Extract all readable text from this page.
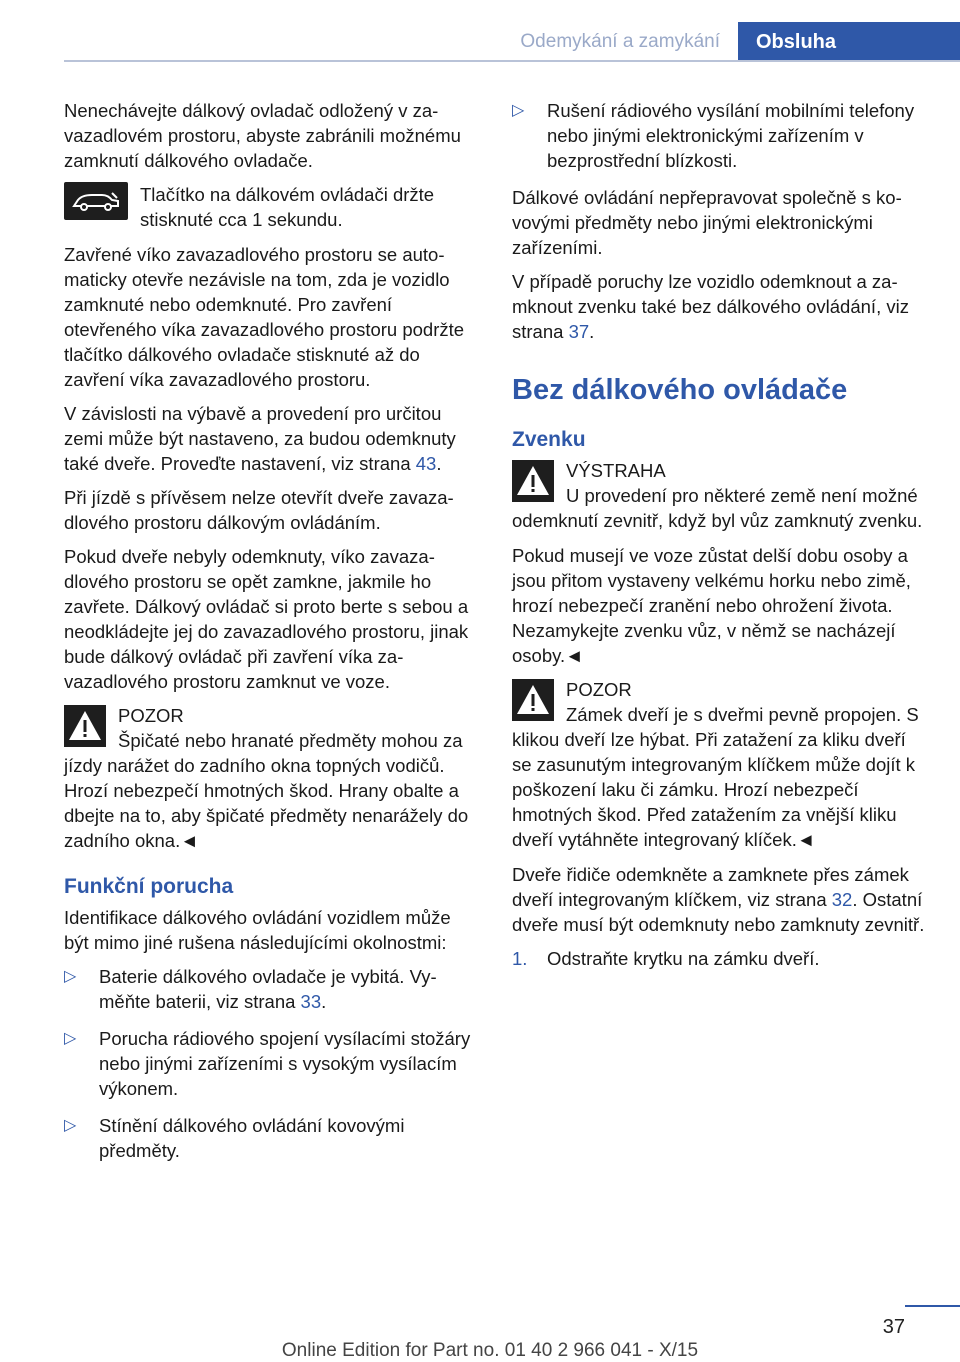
Odemykání a zamykání	Obsluha

Nenechávejte dálkový ovladač odložený v zavazadlovém prostoru, abyste zabránili možnému zamknutí dálkového ovladače.

Tlačítko na dálkovém ovládači držte stisknuté cca 1 sekundu.

Zavřené víko zavazadlového prostoru se automaticky otevře nezávisle na tom, zda je vozidlo zamknuté nebo odemknuté. Pro zavření otevřeného víka zavazadlového prostoru podržte tlačítko dálkového ovladače stisknuté až do zavření víka zavazadlového prostoru.

V závislosti na výbavě a provedení pro určitou zemi může být nastaveno, za budou odemknuty také dveře. Proveďte nastavení, viz strana 43.

Při jízdě s přívěsem nelze otevřít dveře zavazadlového prostoru dálkovým ovládáním.

Pokud dveře nebyly odemknuty, víko zavazadlového prostoru se opět zamkne, jakmile ho zavřete. Dálkový ovládač si proto berte s sebou a neodkládejte jej do zavazadlového prostoru, jinak bude dálkový ovládač při zavření víka zavazadlového prostoru zamknut ve voze.

POZOR
Špičaté nebo hranaté předměty mohou za jízdy narážet do zadního okna topných vodičů. Hrozí nebezpečí hmotných škod. Hrany obalte a dbejte na to, aby špičaté předměty nenarážely do zadního okna.◄
Funkční porucha

Identifikace dálkového ovládání vozidlem může být mimo jiné rušena následujícími okolnostmi:

▷ Baterie dálkového ovladače je vybitá. Vyměňte baterii, viz strana 33.
▷ Porucha rádiového spojení vysílacími stožáry nebo jinými zařízeními s vysokým vysílacím výkonem.
▷ Stínění dálkového ovládání kovovými předměty.
▷ Rušení rádiového vysílání mobilními telefony nebo jinými elektronickými zařízením v bezprostřední blízkosti.

Dálkové ovládání nepřepravovat společně s kovovými předměty nebo jinými elektronickými zařízeními.

V případě poruchy lze vozidlo odemknout a zamknout zvenku také bez dálkového ovládání, viz strana 37.

Bez dálkového ovládače
Zvenku
VÝSTRAHA
U provedení pro některé země není možné odemknutí zevnitř, když byl vůz zamknutý zvenku.

Pokud musejí ve voze zůstat delší dobu osoby a jsou přitom vystaveny velkému horku nebo zimě, hrozí nebezpečí zranění nebo ohrožení života. Nezamykejte zvenku vůz, v němž se nacházejí osoby.◄

POZOR
Zámek dveří je s dveřmi pevně propojen. S klikou dveří lze hýbat. Při zatažení za kliku dveří se zasunutým integrovaným klíčkem může dojít k poškození laku či zámku. Hrozí nebezpečí hmotných škod. Před zatažením za vnější kliku dveří vytáhněte integrovaný klíček.◄

Dveře řidiče odemkněte a zamknete přes zámek dveří integrovaným klíčkem, viz strana 32. Ostatní dveře musí být odemknuty nebo zamknuty zevnitř.

1. Odstraňte krytku na zámku dveří.
37
Online Edition for Part no. 01 40 2 966 041 - X/15
